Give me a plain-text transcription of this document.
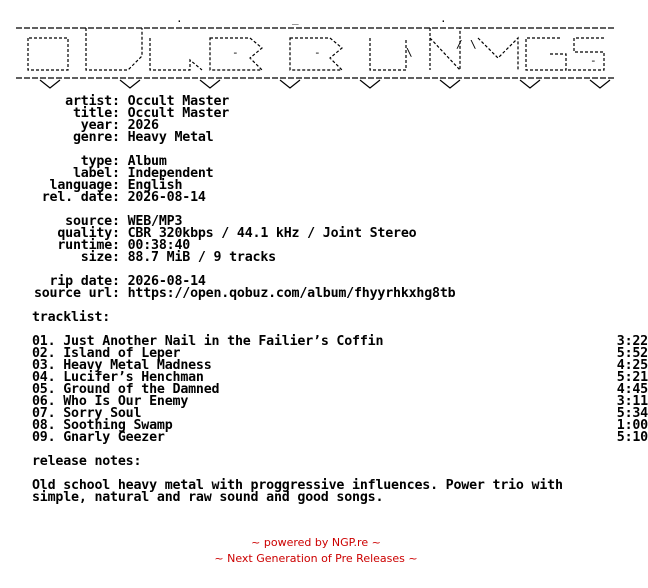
.	_	.
-	-	\
/ \
-
artist: Occult Master
title: Occult Master
year: 2026
genre: Heavy Metal
type: Album
label: Independent
language: English
rel. date: 2026-08-14
source: WEB/MP3
quality: CBR 320kbps / 44.1 kHz / Joint Stereo
runtime: 00:38:40
size: 88.7 MiB / 9 tracks
rip date: 2026-08-14
source url: https://open.qobuz.com/album/fhyyrhkxhg8tb
tracklist:
01. Just Another Nail in the Failier’s Coffin	3:22
02. Island of Leper	5:52
03. Heavy Metal Madness	4:25
04. Lucifer’s Henchman	5:21
05. Ground of the Damned	4:45
06. Who Is Our Enemy	3:11
07. Sorry Soul	5:34
08. Soothing Swamp	1:00
09. Gnarly Geezer	5:10
release notes:
Old school heavy metal with proggressive influences. Power trio with
simple, natural and raw sound and good songs.
~ powered by NGP.re ~
~ Next Generation of Pre Releases ~
